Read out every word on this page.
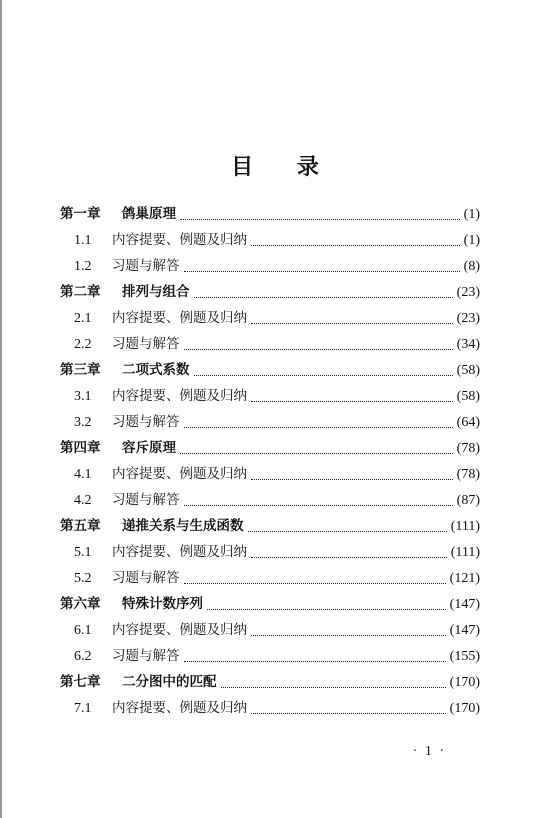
目 录
第一章	鸽巢原理	(1)
1.1	内容提要、例题及归纳	(1)
1.2	习题与解答	(8)
第二章	排列与组合	(23)
2.1	内容提要、例题及归纳	(23)
2.2	习题与解答	(34)
第三章	二项式系数	(58)
3.1	内容提要、例题及归纳	(58)
3.2	习题与解答	(64)
第四章	容斥原理	(78)
4.1	内容提要、例题及归纳	(78)
4.2	习题与解答	(87)
第五章	递推关系与生成函数	(111)
5.1	内容提要、例题及归纳	(111)
5.2	习题与解答	(121)
第六章	特殊计数序列	(147)
6.1	内容提要、例题及归纳	(147)
6.2	习题与解答	(155)
第七章	二分图中的匹配	(170)
7.1	内容提要、例题及归纳	(170)
· 1 ·
